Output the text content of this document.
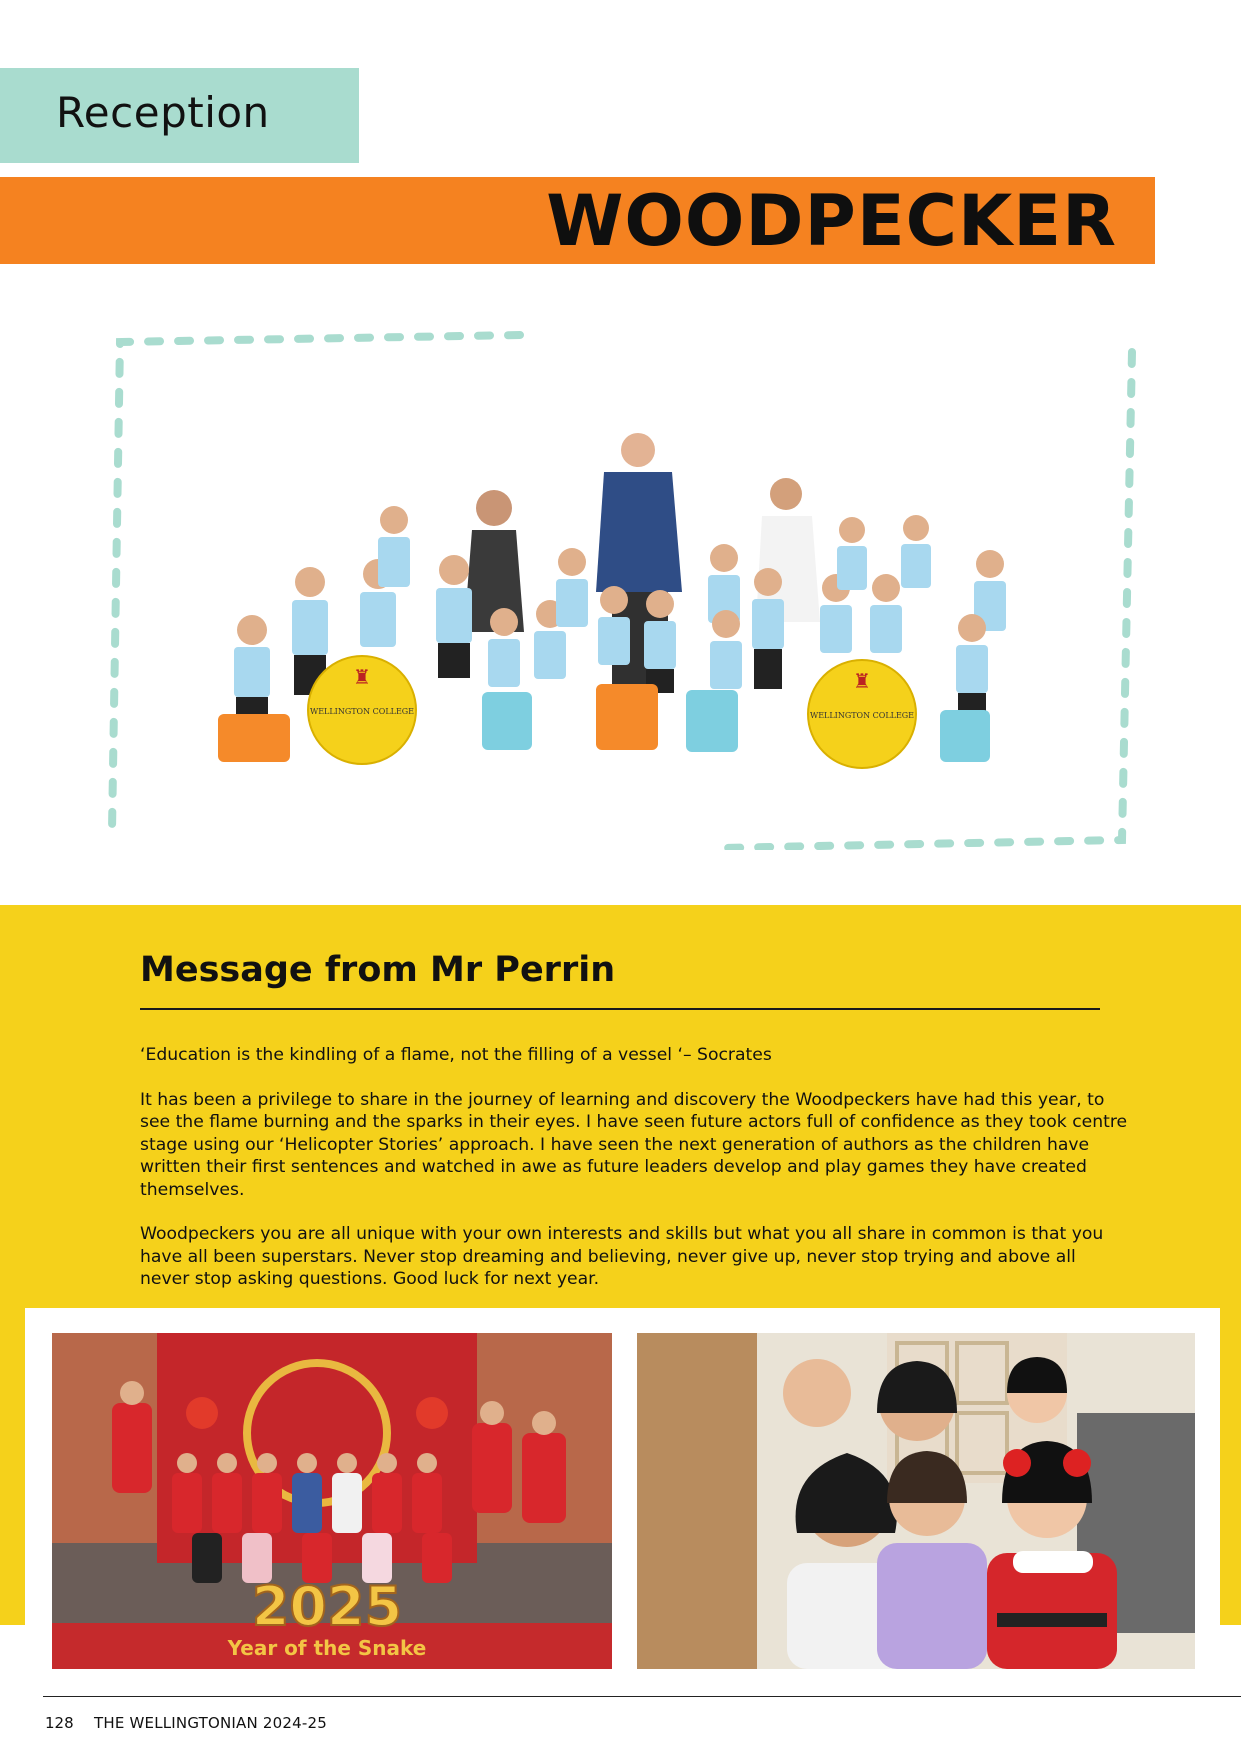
Reception
WOODPECKER
♜
WELLINGTON COLLEGE
♜
WELLINGTON COLLEGE
Message from Mr Perrin

‘Education is the kindling of a flame, not the filling of a vessel ‘– Socrates

It has been a privilege to share in the journey of learning and discovery the Woodpeckers have had this year, to see the flame burning and the sparks in their eyes. I have seen future actors full of confidence as they took centre stage using our ‘Helicopter Stories’ approach. I have seen the next generation of authors as the children have written their first sentences and watched in awe as future leaders develop and play games they have created themselves.

Woodpeckers you are all unique with your own interests and skills but what you all share in common is that you have all been superstars. Never stop dreaming and believing, never give up, never stop trying and above all never stop asking questions. Good luck for next year.

2025
Year of the Snake
128 THE WELLINGTONIAN 2024-25
